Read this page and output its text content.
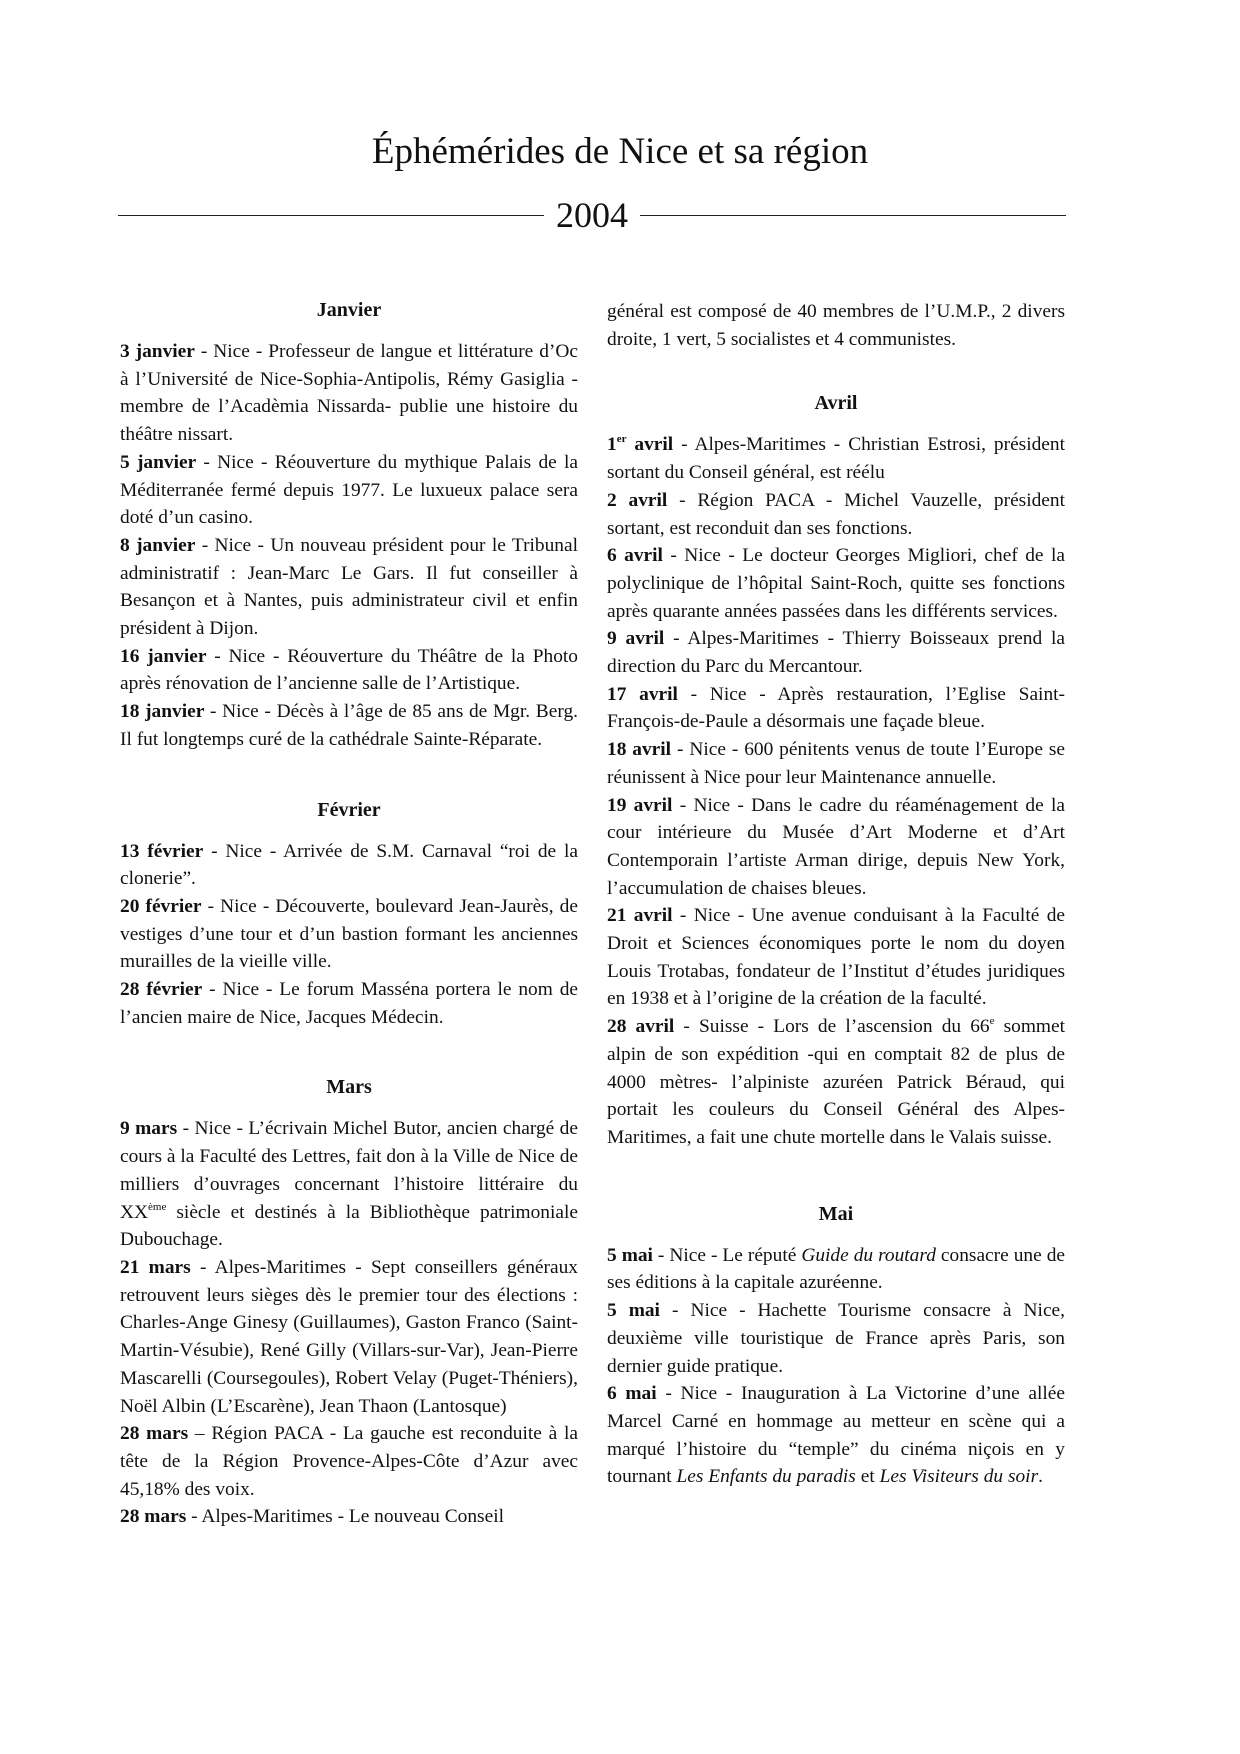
Éphémérides de Nice et sa région
2004
Janvier

3 janvier - Nice - Professeur de langue et littérature d’Oc à l’Université de Nice-Sophia-Antipolis, Rémy Gasiglia -membre de l’Acadèmia Nissarda- publie une histoire du théâtre nissart.

5 janvier - Nice - Réouverture du mythique Palais de la Méditerranée fermé depuis 1977. Le luxueux palace sera doté d’un casino.

8 janvier - Nice - Un nouveau président pour le Tribunal administratif : Jean-Marc Le Gars. Il fut conseiller à Besançon et à Nantes, puis administrateur civil et enfin président à Dijon.

16 janvier - Nice - Réouverture du Théâtre de la Photo après rénovation de l’ancienne salle de l’Artistique.

18 janvier - Nice - Décès à l’âge de 85 ans de Mgr. Berg. Il fut longtemps curé de la cathédrale Sainte-Réparate.

Février

13 février - Nice - Arrivée de S.M. Carnaval “roi de la clonerie”.

20 février - Nice - Découverte, boulevard Jean-Jaurès, de vestiges d’une tour et d’un bastion formant les anciennes murailles de la vieille ville.

28 février - Nice - Le forum Masséna portera le nom de l’ancien maire de Nice, Jacques Médecin.

Mars

9 mars - Nice - L’écrivain Michel Butor, ancien chargé de cours à la Faculté des Lettres, fait don à la Ville de Nice de milliers d’ouvrages concernant l’histoire littéraire du XXème siècle et destinés à la Bibliothèque patrimoniale Dubouchage.

21 mars - Alpes-Maritimes - Sept conseillers généraux retrouvent leurs sièges dès le premier tour des élections : Charles-Ange Ginesy (Guillaumes), Gaston Franco (Saint-Martin-Vésubie), René Gilly (Villars-sur-Var), Jean-Pierre Mascarelli (Coursegoules), Robert Velay (Puget-Théniers), Noël Albin (L’Escarène), Jean Thaon (Lantosque)

28 mars – Région PACA - La gauche est reconduite à la tête de la Région Provence-Alpes-Côte d’Azur avec 45,18% des voix.

28 mars - Alpes-Maritimes - Le nouveau Conseil

général est composé de 40 membres de l’U.M.P., 2 divers droite, 1 vert, 5 socialistes et 4 communistes.

Avril

1er avril - Alpes-Maritimes - Christian Estrosi, président sortant du Conseil général, est réélu

2 avril - Région PACA - Michel Vauzelle, président sortant, est reconduit dan ses fonctions.

6 avril - Nice - Le docteur Georges Migliori, chef de la polyclinique de l’hôpital Saint-Roch, quitte ses fonctions après quarante années passées dans les différents services.

9 avril - Alpes-Maritimes - Thierry Boisseaux prend la direction du Parc du Mercantour.

17 avril - Nice - Après restauration, l’Eglise Saint-François-de-Paule a désormais une façade bleue.

18 avril - Nice - 600 pénitents venus de toute l’Europe se réunissent à Nice pour leur Maintenance annuelle.

19 avril - Nice - Dans le cadre du réaménagement de la cour intérieure du Musée d’Art Moderne et d’Art Contemporain l’artiste Arman dirige, depuis New York, l’accumulation de chaises bleues.

21 avril - Nice - Une avenue conduisant à la Faculté de Droit et Sciences économiques porte le nom du doyen Louis Trotabas, fondateur de l’Institut d’études juridiques en 1938 et à l’origine de la création de la faculté.

28 avril - Suisse - Lors de l’ascension du 66e sommet alpin de son expédition -qui en comptait 82 de plus de 4000 mètres- l’alpiniste azuréen Patrick Béraud, qui portait les couleurs du Conseil Général des Alpes-Maritimes, a fait une chute mortelle dans le Valais suisse.

Mai

5 mai - Nice - Le réputé Guide du routard consacre une de ses éditions à la capitale azuréenne.

5 mai - Nice - Hachette Tourisme consacre à Nice, deuxième ville touristique de France après Paris, son dernier guide pratique.

6 mai - Nice - Inauguration à La Victorine d’une allée Marcel Carné en hommage au metteur en scène qui a marqué l’histoire du “temple” du cinéma niçois en y tournant Les Enfants du paradis et Les Visiteurs du soir.
